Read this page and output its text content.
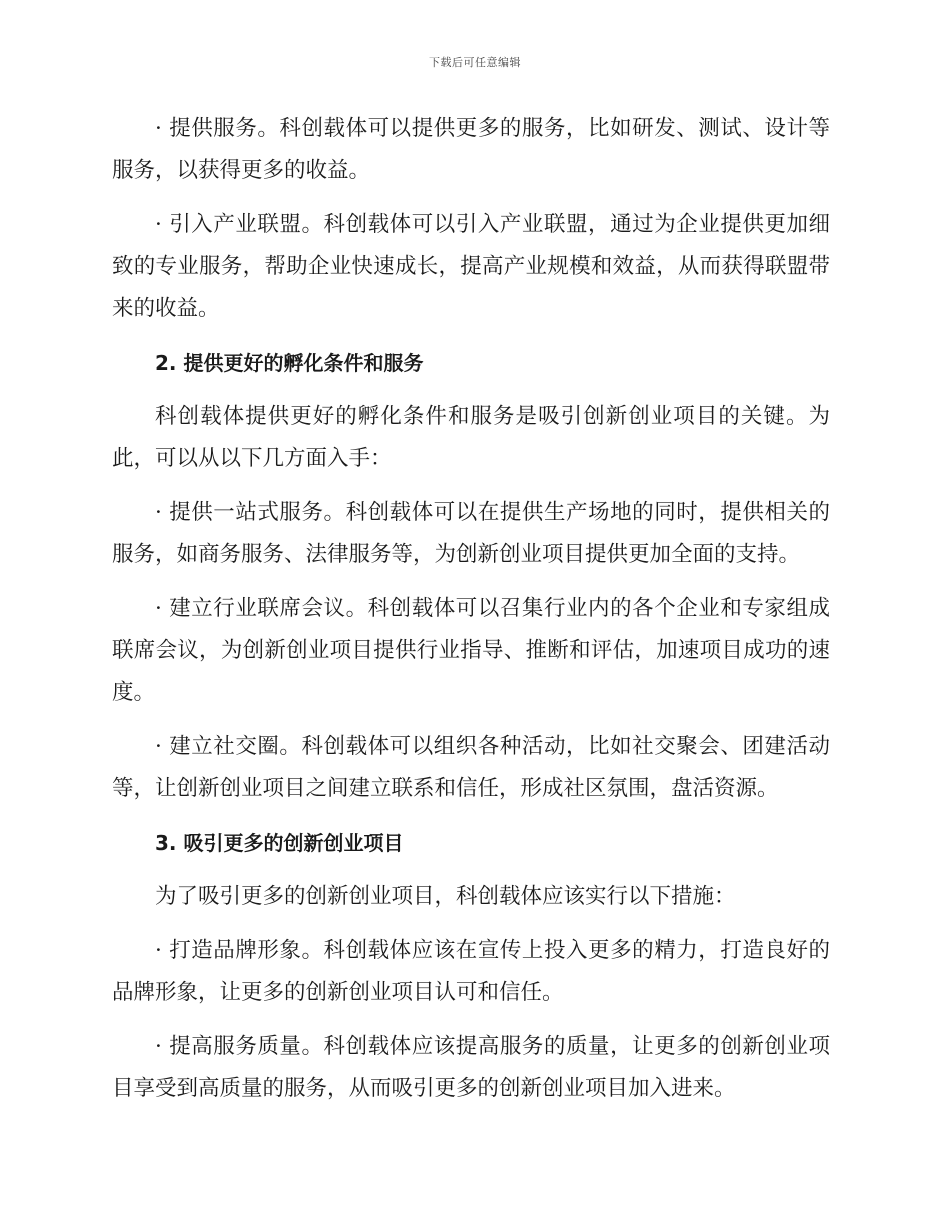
下载后可任意编辑

· 提供服务。科创载体可以提供更多的服务，比如研发、测试、设计等服务，以获得更多的收益。

· 引入产业联盟。科创载体可以引入产业联盟，通过为企业提供更加细致的专业服务，帮助企业快速成长，提高产业规模和效益，从而获得联盟带来的收益。

2. 提供更好的孵化条件和服务

科创载体提供更好的孵化条件和服务是吸引创新创业项目的关键。为此，可以从以下几方面入手：

· 提供一站式服务。科创载体可以在提供生产场地的同时，提供相关的服务，如商务服务、法律服务等，为创新创业项目提供更加全面的支持。

· 建立行业联席会议。科创载体可以召集行业内的各个企业和专家组成联席会议，为创新创业项目提供行业指导、推断和评估，加速项目成功的速度。

· 建立社交圈。科创载体可以组织各种活动，比如社交聚会、团建活动等，让创新创业项目之间建立联系和信任，形成社区氛围，盘活资源。

3. 吸引更多的创新创业项目

为了吸引更多的创新创业项目，科创载体应该实行以下措施：

· 打造品牌形象。科创载体应该在宣传上投入更多的精力，打造良好的品牌形象，让更多的创新创业项目认可和信任。

· 提高服务质量。科创载体应该提高服务的质量，让更多的创新创业项目享受到高质量的服务，从而吸引更多的创新创业项目加入进来。
